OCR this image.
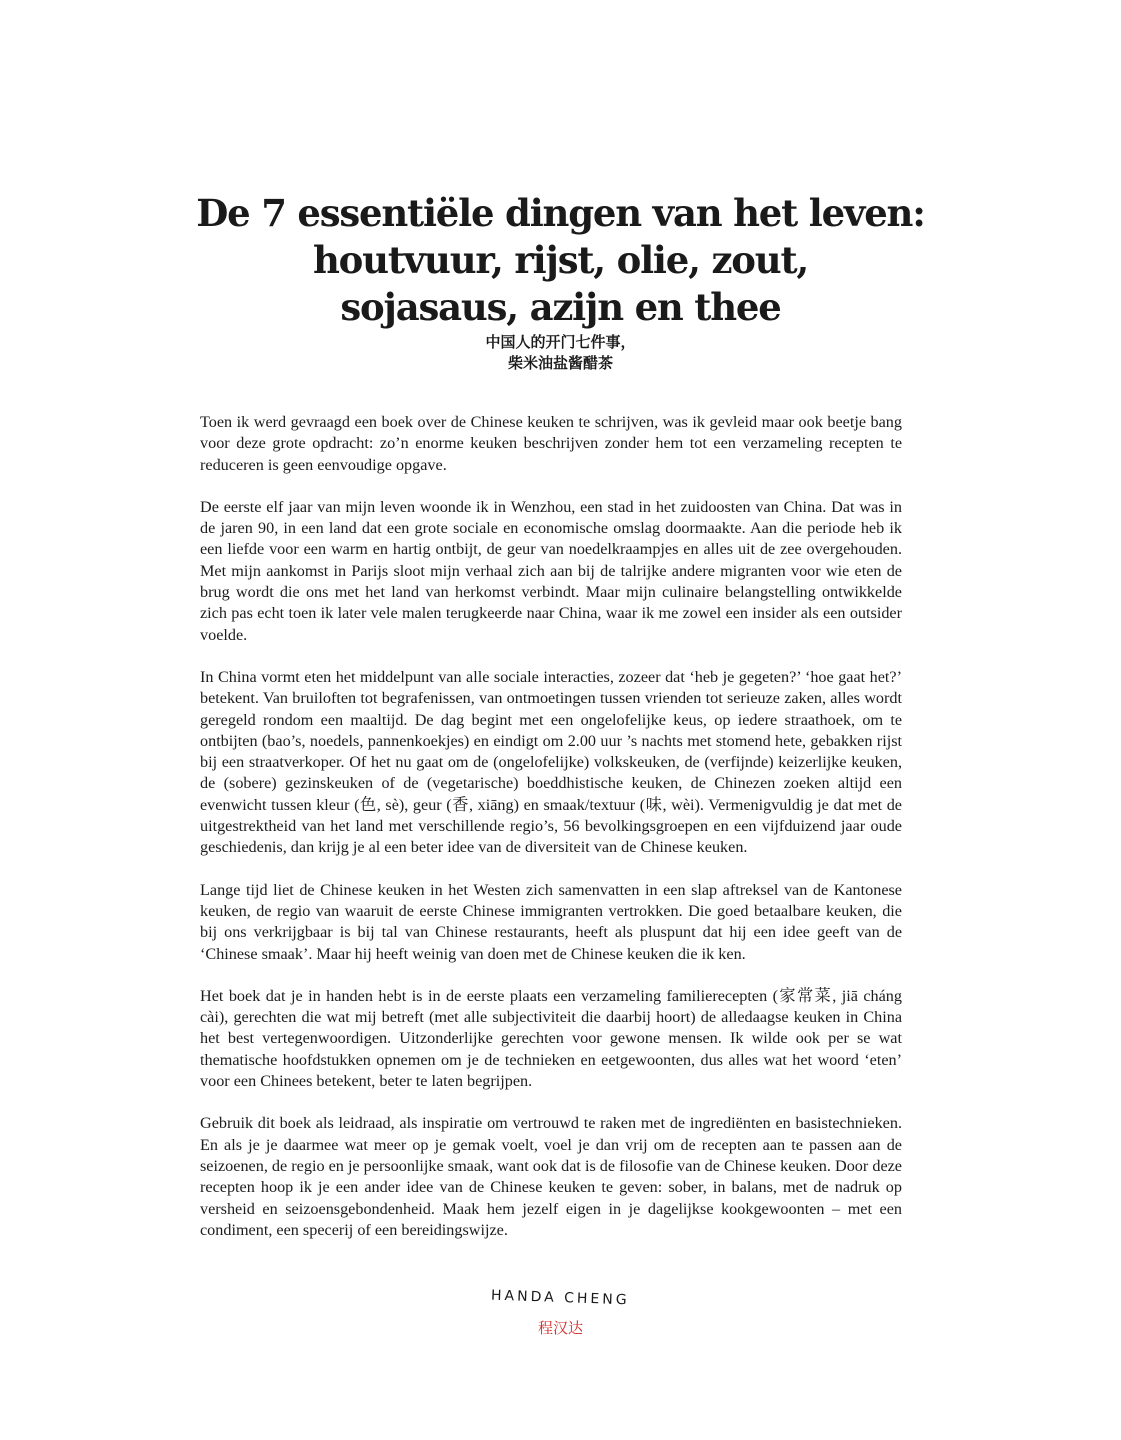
De 7 essentiële dingen van het leven:
houtvuur, rijst, olie, zout,
sojasaus, azijn en thee
中国人的开门七件事，
柴米油盐酱醋茶

Toen ik werd gevraagd een boek over de Chinese keuken te schrijven, was ik gevleid maar ook beetje bang voor deze grote opdracht: zo’n enorme keuken beschrijven zonder hem tot een verzameling recepten te reduceren is geen eenvoudige opgave.

De eerste elf jaar van mijn leven woonde ik in Wenzhou, een stad in het zuidoosten van China. Dat was in de jaren 90, in een land dat een grote sociale en economische omslag doormaakte. Aan die periode heb ik een liefde voor een warm en hartig ontbijt, de geur van noedelkraampjes en alles uit de zee overgehouden. Met mijn aankomst in Parijs sloot mijn verhaal zich aan bij de talrijke andere migranten voor wie eten de brug wordt die ons met het land van herkomst verbindt. Maar mijn culinaire belangstelling ontwikkelde zich pas echt toen ik later vele malen terugkeerde naar China, waar ik me zowel een insider als een outsider voelde.

In China vormt eten het middelpunt van alle sociale interacties, zozeer dat ‘heb je gegeten?’ ‘hoe gaat het?’ betekent. Van bruiloften tot begrafenissen, van ontmoetingen tussen vrienden tot serieuze zaken, alles wordt geregeld rondom een maaltijd. De dag begint met een ongelofelijke keus, op iedere straathoek, om te ontbijten (bao’s, noedels, pannenkoekjes) en eindigt om 2.00 uur ’s nachts met stomend hete, gebakken rijst bij een straatverkoper. Of het nu gaat om de (ongelofelijke) volkskeuken, de (verfijnde) keizerlijke keuken, de (sobere) gezinskeuken of de (vegetarische) boeddhistische keuken, de Chinezen zoeken altijd een evenwicht tussen kleur (色, sè), geur (香, xiāng) en smaak/textuur (味, wèi). Vermenigvuldig je dat met de uitgestrektheid van het land met verschillende regio’s, 56 bevolkingsgroepen en een vijfduizend jaar oude geschiedenis, dan krijg je al een beter idee van de diversiteit van de Chinese keuken.

Lange tijd liet de Chinese keuken in het Westen zich samenvatten in een slap aftreksel van de Kantonese keuken, de regio van waaruit de eerste Chinese immigranten vertrokken. Die goed betaalbare keuken, die bij ons verkrijgbaar is bij tal van Chinese restaurants, heeft als pluspunt dat hij een idee geeft van de ‘Chinese smaak’. Maar hij heeft weinig van doen met de Chinese keuken die ik ken.

Het boek dat je in handen hebt is in de eerste plaats een verzameling familierecepten (家常菜, jiā cháng cài), gerechten die wat mij betreft (met alle subjectiviteit die daarbij hoort) de alledaagse keuken in China het best vertegenwoordigen. Uitzonderlijke gerechten voor gewone mensen. Ik wilde ook per se wat thematische hoofdstukken opnemen om je de technieken en eetgewoonten, dus alles wat het woord ‘eten’ voor een Chinees betekent, beter te laten begrijpen.

Gebruik dit boek als leidraad, als inspiratie om vertrouwd te raken met de ingrediënten en basistechnieken. En als je je daarmee wat meer op je gemak voelt, voel je dan vrij om de recepten aan te passen aan de seizoenen, de regio en je persoonlijke smaak, want ook dat is de filosofie van de Chinese keuken. Door deze recepten hoop ik je een ander idee van de Chinese keuken te geven: sober, in balans, met de nadruk op versheid en seizoensgebondenheid. Maak hem jezelf eigen in je dagelijkse kookgewoonten – met een condiment, een specerij of een bereidingswijze.

HANDA CHENG
程汉达
